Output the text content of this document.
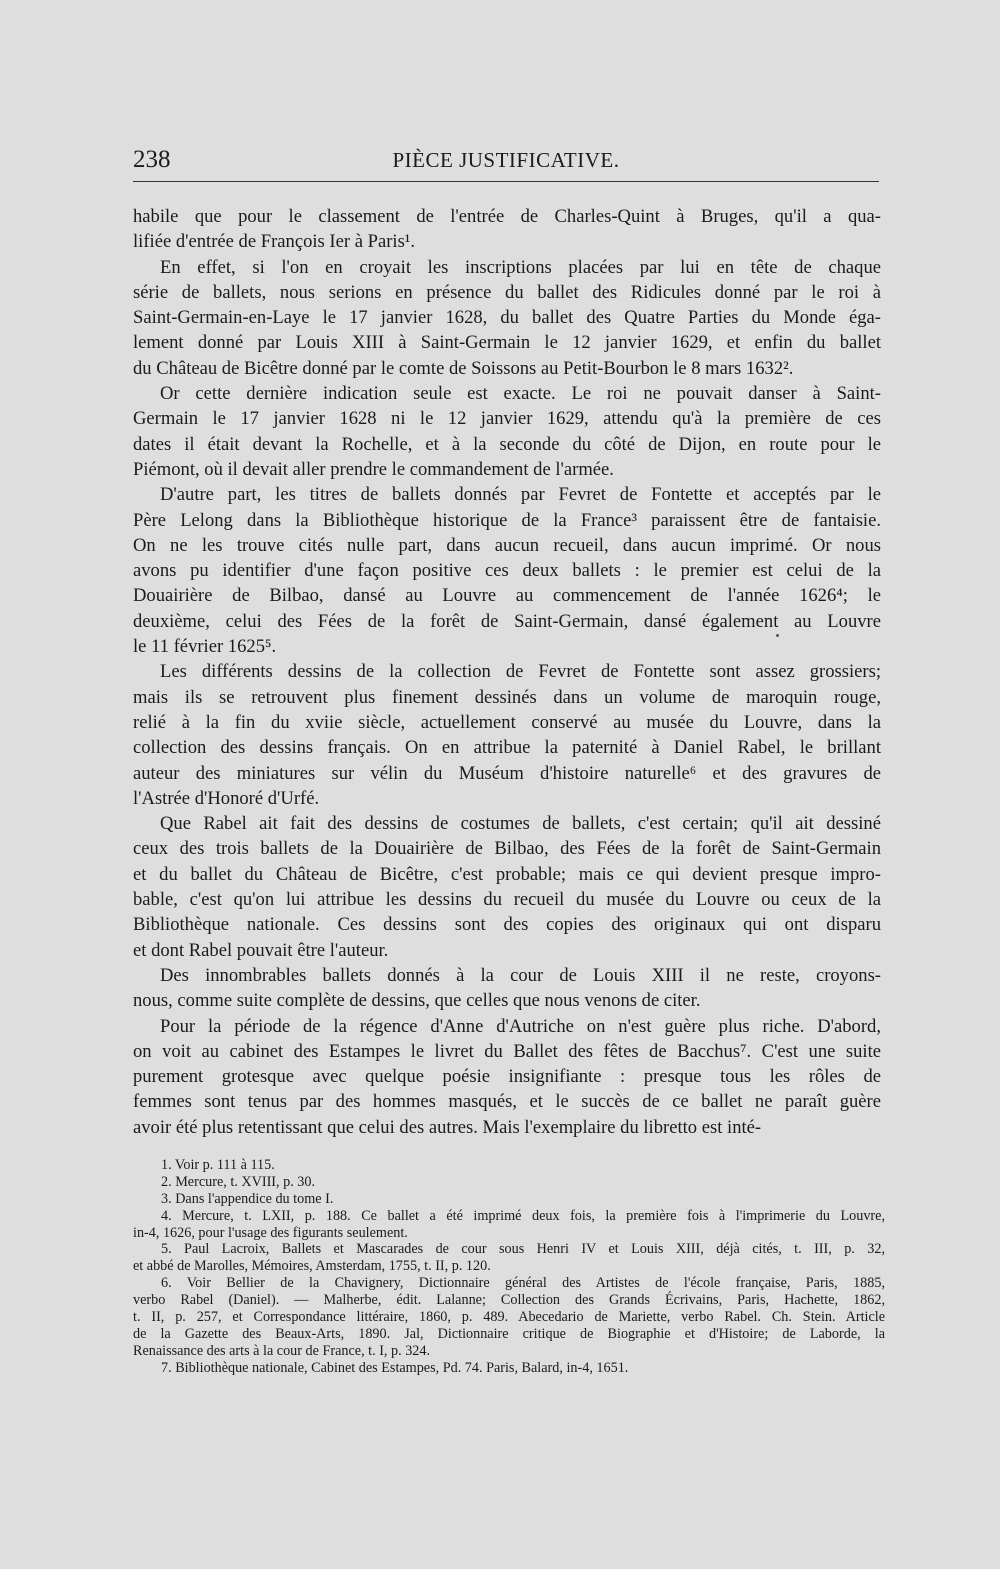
238	PIÈCE JUSTIFICATIVE.
habile que pour le classement de l'entrée de Charles-Quint à Bruges, qu'il a qua-
lifiée d'entrée de François Ier à Paris¹.
En effet, si l'on en croyait les inscriptions placées par lui en tête de chaque
série de ballets, nous serions en présence du ballet des Ridicules donné par le roi à
Saint-Germain-en-Laye le 17 janvier 1628, du ballet des Quatre Parties du Monde éga-
lement donné par Louis XIII à Saint-Germain le 12 janvier 1629, et enfin du ballet
du Château de Bicêtre donné par le comte de Soissons au Petit-Bourbon le 8 mars 1632².
Or cette dernière indication seule est exacte. Le roi ne pouvait danser à Saint-
Germain le 17 janvier 1628 ni le 12 janvier 1629, attendu qu'à la première de ces
dates il était devant la Rochelle, et à la seconde du côté de Dijon, en route pour le
Piémont, où il devait aller prendre le commandement de l'armée.
D'autre part, les titres de ballets donnés par Fevret de Fontette et acceptés par le
Père Lelong dans la Bibliothèque historique de la France³ paraissent être de fantaisie.
On ne les trouve cités nulle part, dans aucun recueil, dans aucun imprimé. Or nous
avons pu identifier d'une façon positive ces deux ballets : le premier est celui de la
Douairière de Bilbao, dansé au Louvre au commencement de l'année 1626⁴; le
deuxième, celui des Fées de la forêt de Saint-Germain, dansé également au Louvre
le 11 février 1625⁵.
Les différents dessins de la collection de Fevret de Fontette sont assez grossiers;
mais ils se retrouvent plus finement dessinés dans un volume de maroquin rouge,
relié à la fin du xviie siècle, actuellement conservé au musée du Louvre, dans la
collection des dessins français. On en attribue la paternité à Daniel Rabel, le brillant
auteur des miniatures sur vélin du Muséum d'histoire naturelle⁶ et des gravures de
l'Astrée d'Honoré d'Urfé.
Que Rabel ait fait des dessins de costumes de ballets, c'est certain; qu'il ait dessiné
ceux des trois ballets de la Douairière de Bilbao, des Fées de la forêt de Saint-Germain
et du ballet du Château de Bicêtre, c'est probable; mais ce qui devient presque impro-
bable, c'est qu'on lui attribue les dessins du recueil du musée du Louvre ou ceux de la
Bibliothèque nationale. Ces dessins sont des copies des originaux qui ont disparu
et dont Rabel pouvait être l'auteur.
Des innombrables ballets donnés à la cour de Louis XIII il ne reste, croyons-
nous, comme suite complète de dessins, que celles que nous venons de citer.
Pour la période de la régence d'Anne d'Autriche on n'est guère plus riche. D'abord,
on voit au cabinet des Estampes le livret du Ballet des fêtes de Bacchus⁷. C'est une suite
purement grotesque avec quelque poésie insignifiante : presque tous les rôles de
femmes sont tenus par des hommes masqués, et le succès de ce ballet ne paraît guère
avoir été plus retentissant que celui des autres. Mais l'exemplaire du libretto est inté-
1. Voir p. 111 à 115.
2. Mercure, t. XVIII, p. 30.
3. Dans l'appendice du tome I.
4. Mercure, t. LXII, p. 188. Ce ballet a été imprimé deux fois, la première fois à l'imprimerie du Louvre,
in-4, 1626, pour l'usage des figurants seulement.
5. Paul Lacroix, Ballets et Mascarades de cour sous Henri IV et Louis XIII, déjà cités, t. III, p. 32,
et abbé de Marolles, Mémoires, Amsterdam, 1755, t. II, p. 120.
6. Voir Bellier de la Chavignery, Dictionnaire général des Artistes de l'école française, Paris, 1885,
verbo Rabel (Daniel). — Malherbe, édit. Lalanne; Collection des Grands Écrivains, Paris, Hachette, 1862,
t. II, p. 257, et Correspondance littéraire, 1860, p. 489. Abecedario de Mariette, verbo Rabel. Ch. Stein. Article
de la Gazette des Beaux-Arts, 1890. Jal, Dictionnaire critique de Biographie et d'Histoire; de Laborde, la
Renaissance des arts à la cour de France, t. I, p. 324.
7. Bibliothèque nationale, Cabinet des Estampes, Pd. 74. Paris, Balard, in-4, 1651.
